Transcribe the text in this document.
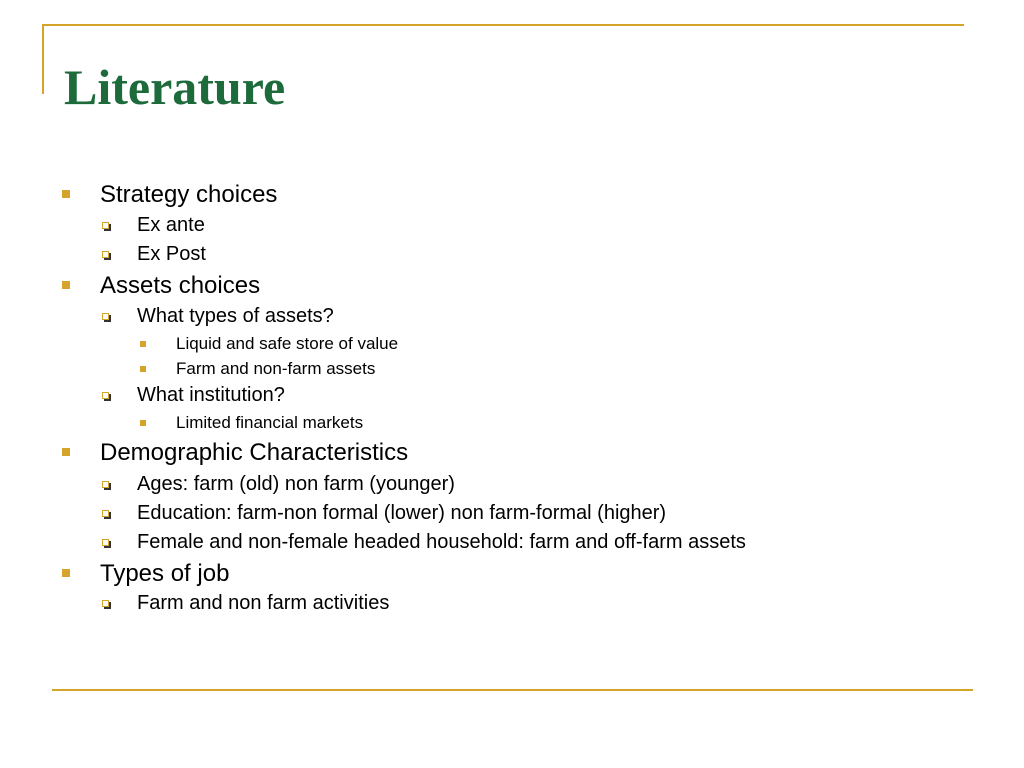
Literature
Strategy choices
Ex ante
Ex Post
Assets choices
What types of assets?
Liquid and safe store of value
Farm and non-farm assets
What institution?
Limited financial markets
Demographic Characteristics
Ages: farm (old) non farm (younger)
Education: farm-non formal (lower) non farm-formal (higher)
Female and non-female headed household: farm and off-farm assets
Types of job
Farm and non farm activities
